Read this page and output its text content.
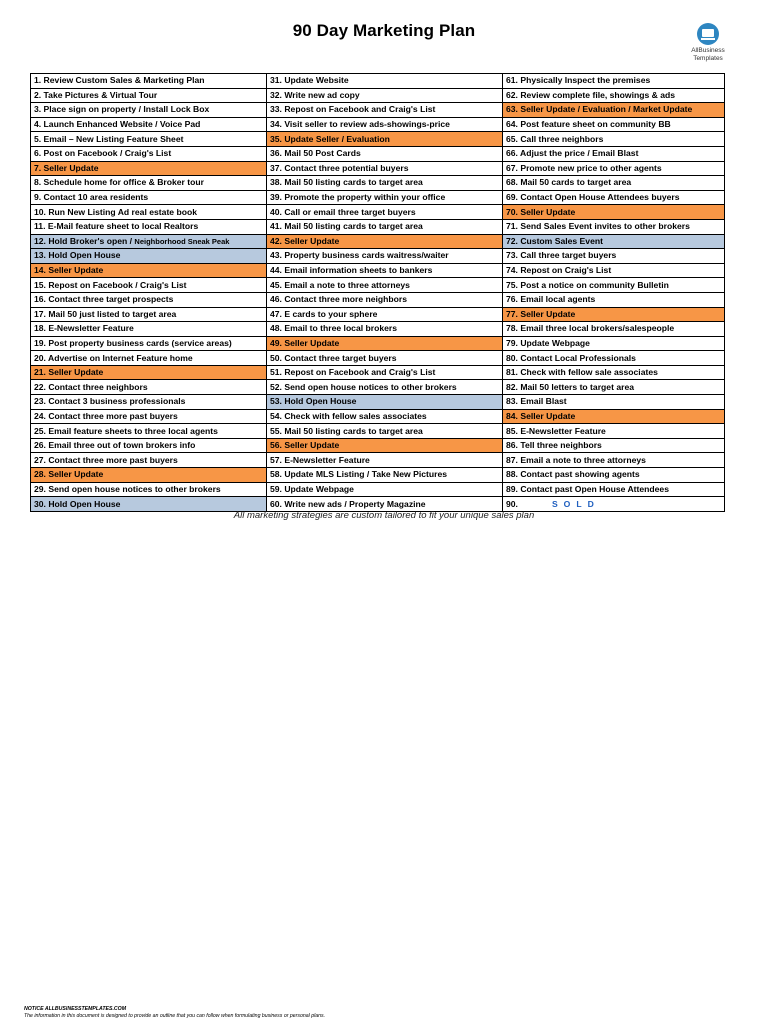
90 Day Marketing Plan
AllBusiness
Templates
1. Review Custom Sales & Marketing Plan	31. Update Website	61. Physically Inspect the premises
2. Take Pictures & Virtual Tour	32. Write new ad copy	62. Review complete file, showings & ads
3. Place sign on property / Install Lock Box	33. Repost on Facebook and Craig's List	63. Seller Update / Evaluation / Market Update
4. Launch Enhanced Website / Voice Pad	34. Visit seller to review ads-showings-price	64. Post feature sheet on community BB
5. Email – New Listing Feature Sheet	35. Update Seller / Evaluation	65. Call three neighbors
6. Post on Facebook / Craig's List	36. Mail 50 Post Cards	66. Adjust the price / Email Blast
7. Seller Update	37. Contact three potential buyers	67. Promote new price to other agents
8. Schedule home for office & Broker tour	38. Mail 50 listing cards to target area	68. Mail 50 cards to target area
9. Contact 10 area residents	39. Promote the property within your office	69. Contact Open House Attendees buyers
10. Run New Listing Ad real estate book	40. Call or email three target buyers	70. Seller Update
11. E-Mail feature sheet to local Realtors	41. Mail 50 listing cards to target area	71. Send Sales Event invites to other brokers
12. Hold Broker's open / Neighborhood Sneak Peak	42. Seller Update	72. Custom Sales Event
13. Hold Open House	43. Property business cards waitress/waiter	73. Call three target buyers
14. Seller Update	44. Email information sheets to bankers	74. Repost on Craig's List
15. Repost on Facebook / Craig's List	45. Email a note to three attorneys	75. Post a notice on community Bulletin
16. Contact three target prospects	46. Contact three more neighbors	76. Email local agents
17. Mail 50 just listed to target area	47. E cards to your sphere	77. Seller Update
18. E-Newsletter Feature	48. Email to three local brokers	78. Email three local brokers/salespeople
19. Post property business cards (service areas)	49. Seller Update	79. Update Webpage
20. Advertise on Internet Feature home	50. Contact three target buyers	80. Contact Local Professionals
21. Seller Update	51. Repost on Facebook and Craig's List	81. Check with fellow sale associates
22. Contact three neighbors	52. Send open house notices to other brokers	82. Mail 50 letters to target area
23. Contact 3 business professionals	53. Hold Open House	83. Email Blast
24. Contact three more past buyers	54. Check with fellow sales associates	84. Seller Update
25. Email feature sheets to three local agents	55. Mail 50 listing cards to target area	85. E-Newsletter Feature
26. Email three out of town brokers info	56. Seller Update	86. Tell three neighbors
27. Contact three more past buyers	57. E-Newsletter Feature	87. Email a note to three attorneys
28. Seller Update	58. Update MLS Listing / Take New Pictures	88. Contact past showing agents
29. Send open house notices to other brokers	59. Update Webpage	89. Contact past Open House Attendees
30. Hold Open House	60. Write new ads / Property Magazine	90. SOLD
All marketing strategies are custom tailored to fit your unique sales plan
NOTICE ALLBUSINESSTEMPLATES.COM
The information in this document is designed to provide an outline that you can follow when formulating business or personal plans.
